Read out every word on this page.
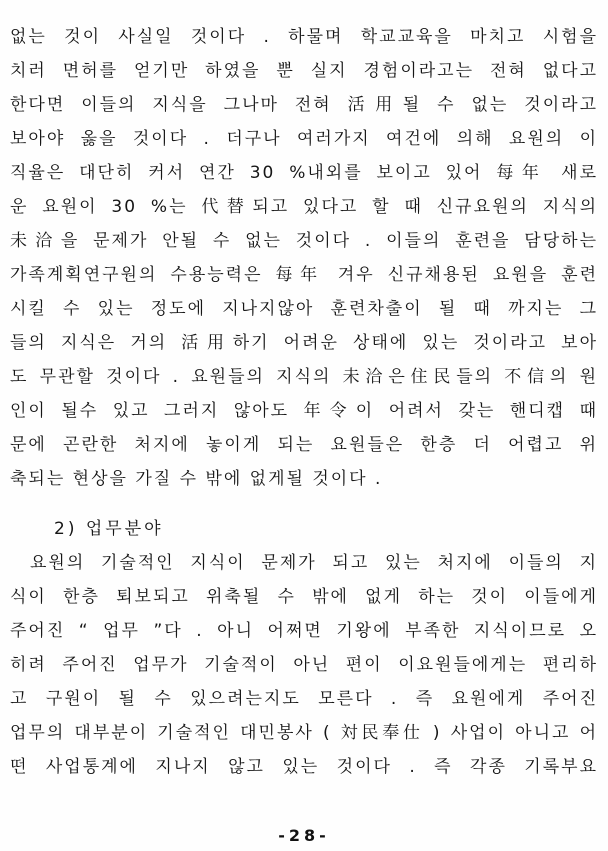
없는 것이 사실일 것이다 . 하물며 학교교육을 마치고 시험을
치러 면허를 얻기만 하였을 뿐 실지 경험이라고는 전혀 없다고
한다면 이들의 지식을 그나마 전혀 活用될 수 없는 것이라고
보아야 옳을 것이다 . 더구나 여러가지 여건에 의해 요원의 이
직율은 대단히 커서 연간 30 %내외를 보이고 있어 每年 새로
운 요원이 30 %는 代替되고 있다고 할 때 신규요원의 지식의
未洽을 문제가 안될 수 없는 것이다 . 이들의 훈련을 담당하는
가족계획연구원의 수용능력은 每年 겨우 신규채용된 요원을 훈련
시킬 수 있는 정도에 지나지않아 훈련차출이 될 때 까지는 그
들의 지식은 거의 活用하기 어려운 상태에 있는 것이라고 보아
도 무관할 것이다 . 요원들의 지식의 未洽은住民들의 不信의 원
인이 될수 있고 그러지 않아도 年令이 어려서 갖는 핸디캡 때
문에 곤란한 처지에 놓이게 되는 요원들은 한층 더 어렵고 위
축되는 현상을 가질 수 밖에 없게될 것이다 .
2) 업무분야
요원의 기술적인 지식이 문제가 되고 있는 처지에 이들의 지
식이 한층 퇴보되고 위축될 수 밖에 없게 하는 것이 이들에게
주어진 “ 업무 ”다 . 아니 어쩌면 기왕에 부족한 지식이므로 오
히려 주어진 업무가 기술적이 아닌 편이 이요원들에게는 편리하
고 구원이 될 수 있으려는지도 모른다 . 즉 요원에게 주어진
업무의 대부분이 기술적인 대민봉사 ( 対民奉仕 ) 사업이 아니고 어
떤 사업통계에 지나지 않고 있는 것이다 . 즉 각종 기록부요
-28-
